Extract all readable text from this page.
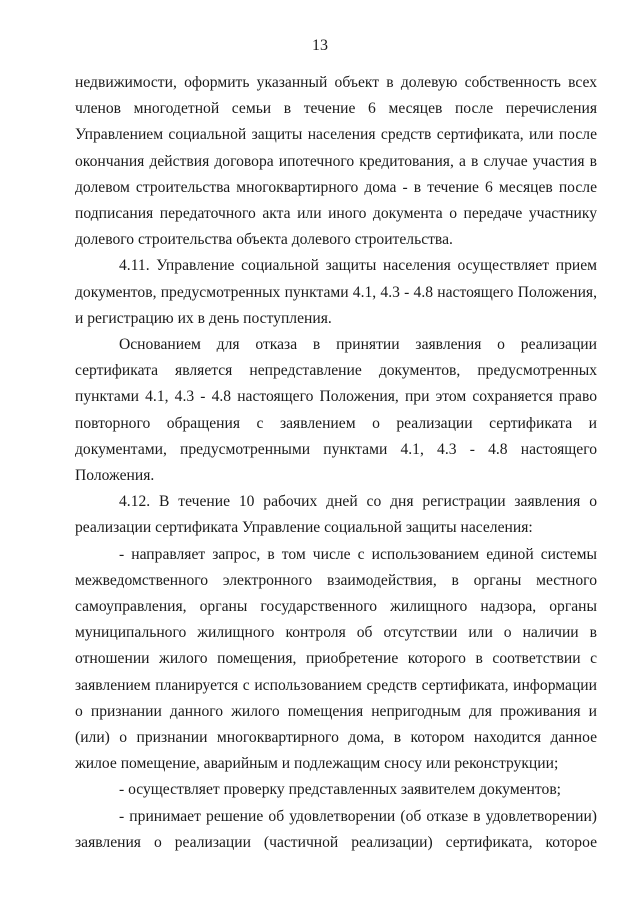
13

недвижимости, оформить указанный объект в долевую собственность всех членов многодетной семьи в течение 6 месяцев после перечисления Управлением социальной защиты населения средств сертификата, или после окончания действия договора ипотечного кредитования, а в случае участия в долевом строительства многоквартирного дома - в течение 6 месяцев после подписания передаточного акта или иного документа о передаче участнику долевого строительства объекта долевого строительства.

4.11. Управление социальной защиты населения осуществляет прием документов, предусмотренных пунктами 4.1, 4.3 - 4.8 настоящего Положения, и регистрацию их в день поступления.

Основанием для отказа в принятии заявления о реализации сертификата является непредставление документов, предусмотренных пунктами 4.1, 4.3 - 4.8 настоящего Положения, при этом сохраняется право повторного обращения с заявлением о реализации сертификата и документами, предусмотренными пунктами 4.1, 4.3 - 4.8 настоящего Положения.

4.12. В течение 10 рабочих дней со дня регистрации заявления о реализации сертификата Управление социальной защиты населения:

- направляет запрос, в том числе с использованием единой системы межведомственного электронного взаимодействия, в органы местного самоуправления, органы государственного жилищного надзора, органы муниципального жилищного контроля об отсутствии или о наличии в отношении жилого помещения, приобретение которого в соответствии с заявлением планируется с использованием средств сертификата, информации о признании данного жилого помещения непригодным для проживания и (или) о признании многоквартирного дома, в котором находится данное жилое помещение, аварийным и подлежащим сносу или реконструкции;

- осуществляет проверку представленных заявителем документов;

- принимает решение об удовлетворении (об отказе в удовлетворении) заявления о реализации (частичной реализации) сертификата, которое
